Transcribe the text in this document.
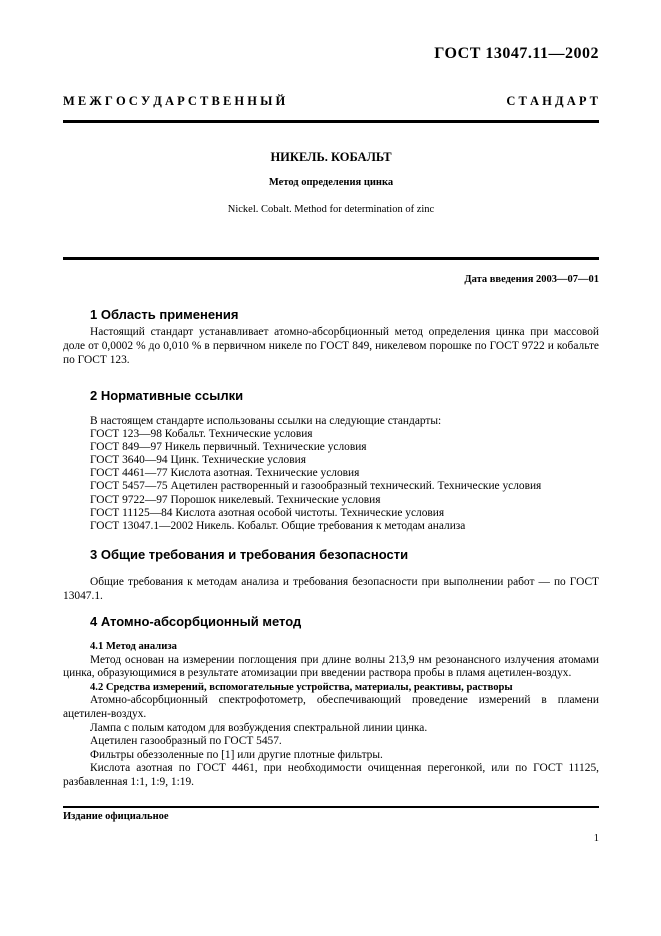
ГОСТ 13047.11—2002
М Е Ж Г О С У Д А Р С Т В Е Н Н Ы Й	С Т А Н Д А Р Т
НИКЕЛЬ. КОБАЛЬТ
Метод определения цинка
Nickel. Cobalt. Method for determination of zinc
Дата введения 2003—07—01
1 Область применения
Настоящий стандарт устанавливает атомно-абсорбционный метод определения цинка при массовой доле от 0,0002 % до 0,010 % в первичном никеле по ГОСТ 849, никелевом порошке по ГОСТ 9722 и кобальте по ГОСТ 123.
2 Нормативные ссылки
В настоящем стандарте использованы ссылки на следующие стандарты:
ГОСТ 123—98 Кобальт. Технические условия
ГОСТ 849—97 Никель первичный. Технические условия
ГОСТ 3640—94 Цинк. Технические условия
ГОСТ 4461—77 Кислота азотная. Технические условия
ГОСТ 5457—75 Ацетилен растворенный и газообразный технический. Технические условия
ГОСТ 9722—97 Порошок никелевый. Технические условия
ГОСТ 11125—84 Кислота азотная особой чистоты. Технические условия
ГОСТ 13047.1—2002 Никель. Кобальт. Общие требования к методам анализа
3 Общие требования и требования безопасности
Общие требования к методам анализа и требования безопасности при выполнении работ — по ГОСТ 13047.1.
4 Атомно-абсорбционный метод
4.1 Метод анализа

Метод основан на измерении поглощения при длине волны 213,9 нм резонансного излучения атомами цинка, образующимися в результате атомизации при введении раствора пробы в пламя ацетилен-воздух.

4.2 Средства измерений, вспомогательные устройства, материалы, реактивы, растворы

Атомно-абсорбционный спектрофотометр, обеспечивающий проведение измерений в пламени ацетилен-воздух.

Лампа с полым катодом для возбуждения спектральной линии цинка.

Ацетилен газообразный по ГОСТ 5457.

Фильтры обеззоленные по [1] или другие плотные фильтры.

Кислота азотная по ГОСТ 4461, при необходимости очищенная перегонкой, или по ГОСТ 11125, разбавленная 1:1, 1:9, 1:19.

Издание официальное
1
